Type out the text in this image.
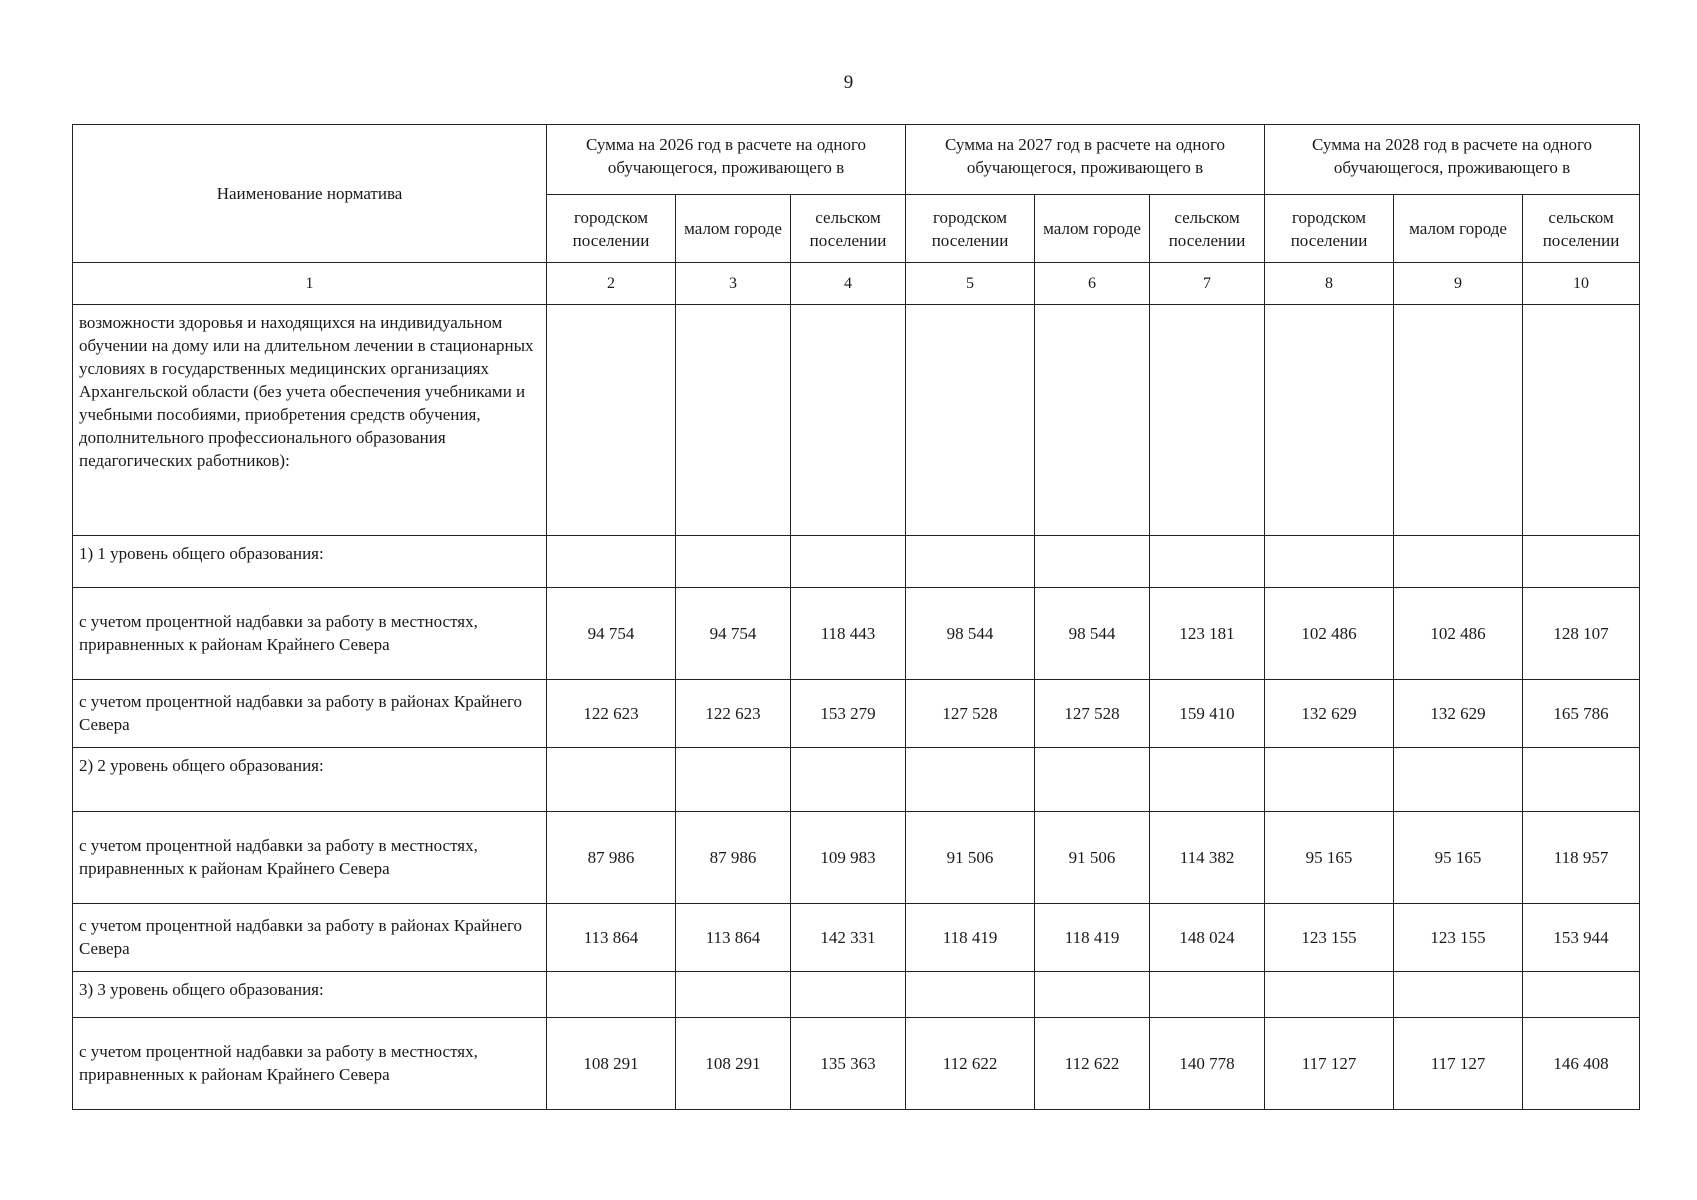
9
Наименование норматива	Сумма на 2026 год в расчете на одного обучающегося, проживающего в			Сумма на 2027 год в расчете на одного обучающегося, проживающего в			Сумма на 2028 год в расчете на одного обучающегося, проживающего в		
	городском поселении	малом городе	сельском поселении	городском поселении	малом городе	сельском поселении	городском поселении	малом городе	сельском поселении
1	2	3	4	5	6	7	8	9	10
возможности здоровья и находящихся на индивидуальном обучении на дому или на длительном лечении в стационарных условиях в государственных медицинских организациях Архангельской области (без учета обеспечения учебниками и учебными пособиями, приобретения средств обучения, дополнительного профессионального образования педагогических работников):									
1) 1 уровень общего образования:									
с учетом процентной надбавки за работу в местностях, приравненных к районам Крайнего Севера	94 754	94 754	118 443	98 544	98 544	123 181	102 486	102 486	128 107
с учетом процентной надбавки за работу в районах Крайнего Севера	122 623	122 623	153 279	127 528	127 528	159 410	132 629	132 629	165 786
2) 2 уровень общего образования:									
с учетом процентной надбавки за работу в местностях, приравненных к районам Крайнего Севера	87 986	87 986	109 983	91 506	91 506	114 382	95 165	95 165	118 957
с учетом процентной надбавки за работу в районах Крайнего Севера	113 864	113 864	142 331	118 419	118 419	148 024	123 155	123 155	153 944
3) 3 уровень общего образования:									
с учетом процентной надбавки за работу в местностях, приравненных к районам Крайнего Севера	108 291	108 291	135 363	112 622	112 622	140 778	117 127	117 127	146 408
